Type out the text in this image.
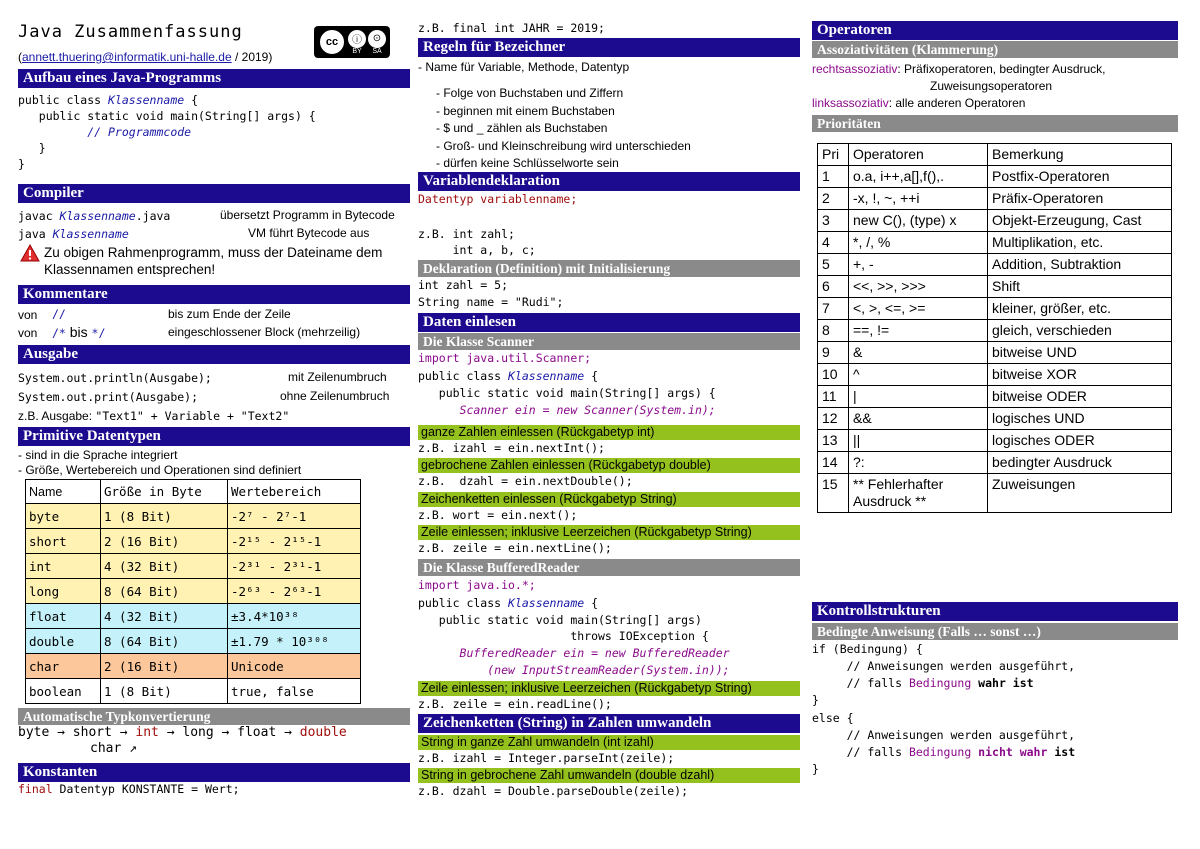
Java Zusammenfassung
(annett.thuering@informatik.uni-halle.de / 2019)
cc	ⓘ
BY
⊙
SA
Aufbau eines Java-Programms
public class Klassenname {
public static void main(String[] args) {
// Programmcode
}
}
Compiler
javac Klassenname.java	übersetzt Programm in Bytecode
java Klassenname	VM führt Bytecode aus
Zu obigen Rahmenprogramm, muss der Dateiname dem Klassennamen entsprechen!
Kommentare
von //	bis zum Ende der Zeile
von /* bis */	eingeschlossener Block (mehrzeilig)
Ausgabe
System.out.println(Ausgabe);	mit Zeilenumbruch
System.out.print(Ausgabe);	ohne Zeilenumbruch
z.B. Ausgabe: "Text1" + Variable + "Text2"
Primitive Datentypen
- sind in die Sprache integriert
- Größe, Wertebereich und Operationen sind definiert
Name	Größe in Byte	Wertebereich
byte	1 (8 Bit)	-2⁷ - 2⁷-1
short	2 (16 Bit)	-2¹⁵ - 2¹⁵-1
int	4 (32 Bit)	-2³¹ - 2³¹-1
long	8 (64 Bit)	-2⁶³ - 2⁶³-1
float	4 (32 Bit)	±3.4*10³⁸
double	8 (64 Bit)	±1.79 * 10³⁰⁸
char	2 (16 Bit)	Unicode
boolean	1 (8 Bit)	true, false
Automatische Typkonvertierung
byte → short → int → long → float → double
char ↗
Konstanten
final Datentyp KONSTANTE = Wert;
z.B. final int JAHR = 2019;
Regeln für Bezeichner
- Name für Variable, Methode, Datentyp
- Folge von Buchstaben und Ziffern
- beginnen mit einem Buchstaben
- $ und _ zählen als Buchstaben
- Groß- und Kleinschreibung wird unterschieden
- dürfen keine Schlüsselworte sein
Variablendeklaration
Datentyp variablenname;
z.B. int zahl;
int a, b, c;
Deklaration (Definition) mit Initialisierung
int zahl = 5;
String name = "Rudi";
Daten einlesen
Die Klasse Scanner
import java.util.Scanner;
public class Klassenname {
public static void main(String[] args) {
Scanner ein = new Scanner(System.in);
ganze Zahlen einlessen (Rückgabetyp int)
z.B. izahl = ein.nextInt();
gebrochene Zahlen einlessen (Rückgabetyp double)
z.B.  dzahl = ein.nextDouble();
Zeichenketten einlessen (Rückgabetyp String)
z.B. wort = ein.next();
Zeile einlessen; inklusive Leerzeichen (Rückgabetyp String)
z.B. zeile = ein.nextLine();
Die Klasse BufferedReader
import java.io.*;
public class Klassenname {
public static void main(String[] args)
throws IOException {
BufferedReader ein = new BufferedReader
(new InputStreamReader(System.in));
Zeile einlessen; inklusive Leerzeichen (Rückgabetyp String)
z.B. zeile = ein.readLine();
Zeichenketten (String) in Zahlen umwandeln
String in ganze Zahl umwandeln (int izahl)
z.B. izahl = Integer.parseInt(zeile);
String in gebrochene Zahl umwandeln (double dzahl)
z.B. dzahl = Double.parseDouble(zeile);
Operatoren
Assoziativitäten (Klammerung)
rechtsassoziativ: Präfixoperatoren, bedingter Ausdruck,
Zuweisungsoperatoren
linksassoziativ: alle anderen Operatoren
Prioritäten
Pri	Operatoren	Bemerkung
1	o.a, i++,a[],f(),.	Postfix-Operatoren
2	-x, !, ~, ++i	Präfix-Operatoren
3	new C(), (type) x	Objekt-Erzeugung, Cast
4	*, /, %	Multiplikation, etc.
5	+, -	Addition, Subtraktion
6	<<, >>, >>>	Shift
7	<, >, <=, >=	kleiner, größer, etc.
8	==, !=	gleich, verschieden
9	&	bitweise UND
10	^	bitweise XOR
11	|	bitweise ODER
12	&&	logisches UND
13	||	logisches ODER
14	?:	bedingter Ausdruck
15	** Fehlerhafter Ausdruck **	Zuweisungen
Kontrollstrukturen
Bedingte Anweisung (Falls … sonst …)
if (Bedingung) {
// Anweisungen werden ausgeführt,
// falls Bedingung wahr ist
}
else {
// Anweisungen werden ausgeführt,
// falls Bedingung nicht wahr ist
}
